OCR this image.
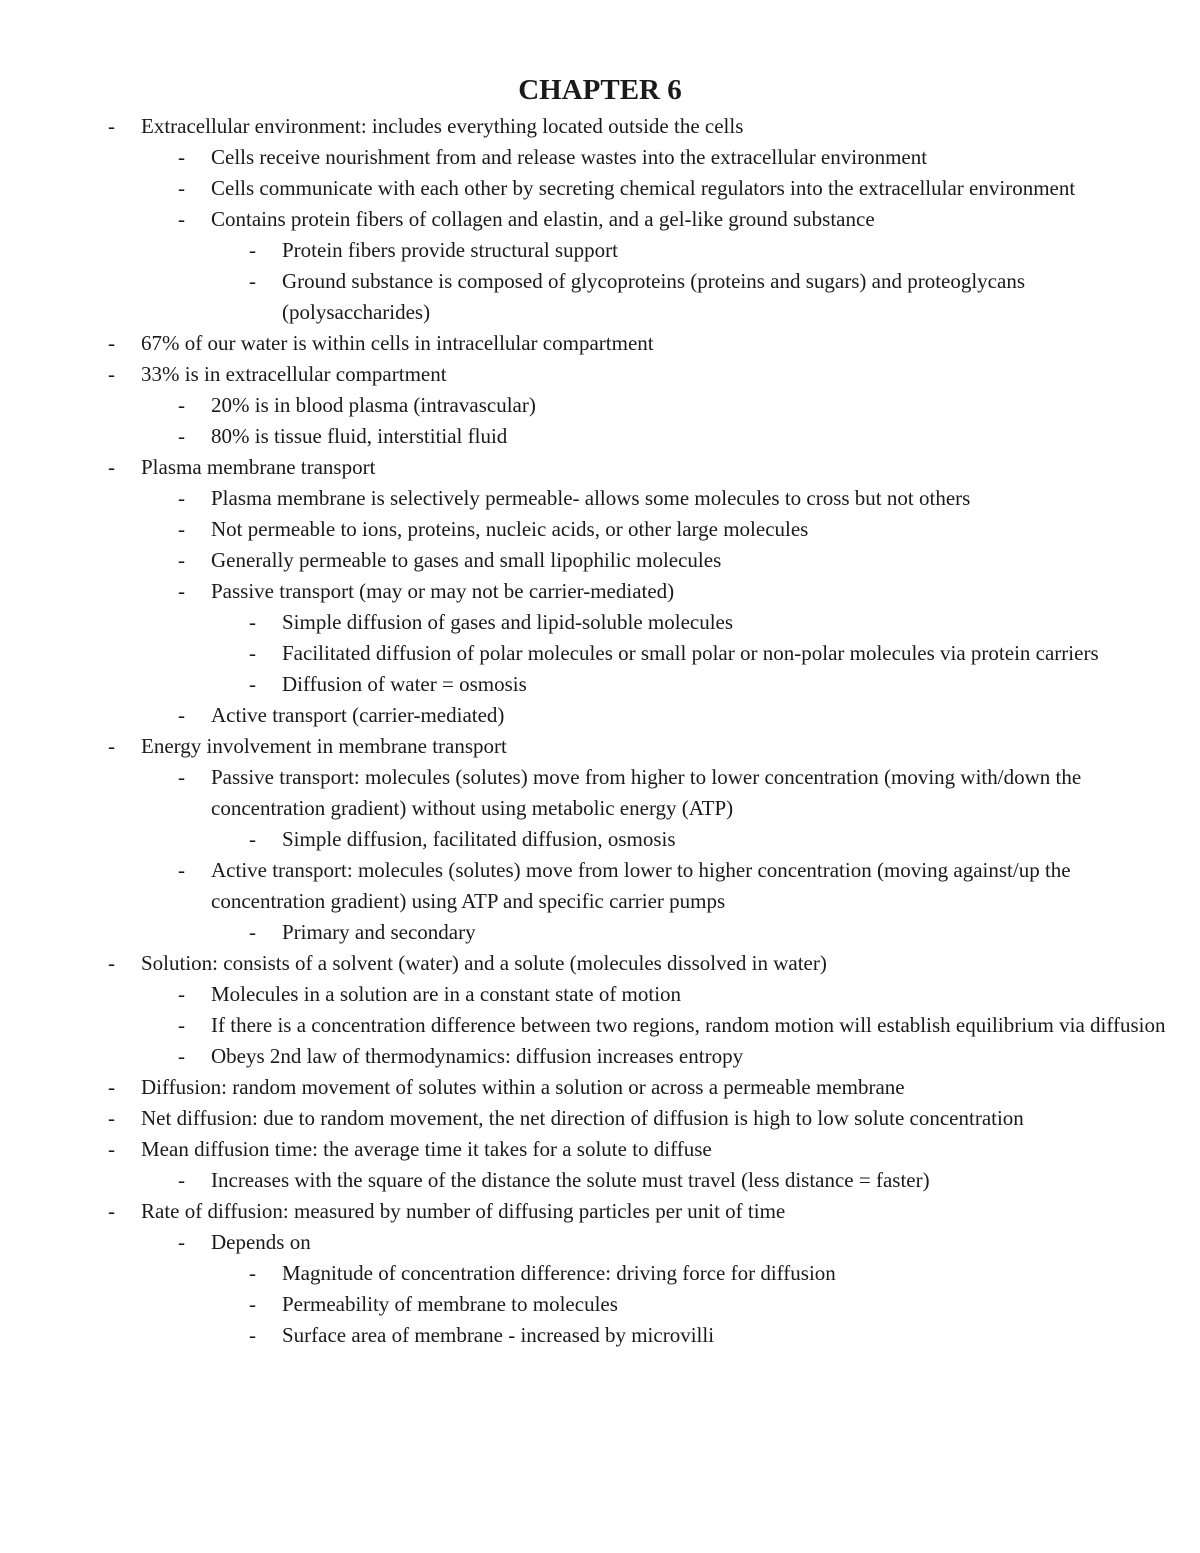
CHAPTER 6
- Extracellular environment: includes everything located outside the cells
- Cells receive nourishment from and release wastes into the extracellular environment
- Cells communicate with each other by secreting chemical regulators into the extracellular environment
- Contains protein fibers of collagen and elastin, and a gel-like ground substance
- Protein fibers provide structural support
- Ground substance is composed of glycoproteins (proteins and sugars) and proteoglycans (polysaccharides)
- 67% of our water is within cells in intracellular compartment
- 33% is in extracellular compartment
- 20% is in blood plasma (intravascular)
- 80% is tissue fluid, interstitial fluid
- Plasma membrane transport
- Plasma membrane is selectively permeable- allows some molecules to cross but not others
- Not permeable to ions, proteins, nucleic acids, or other large molecules
- Generally permeable to gases and small lipophilic molecules
- Passive transport (may or may not be carrier-mediated)
- Simple diffusion of gases and lipid-soluble molecules
- Facilitated diffusion of polar molecules or small polar or non-polar molecules via protein carriers
- Diffusion of water = osmosis
- Active transport (carrier-mediated)
- Energy involvement in membrane transport
- Passive transport: molecules (solutes) move from higher to lower concentration (moving with/down the concentration gradient) without using metabolic energy (ATP)
- Simple diffusion, facilitated diffusion, osmosis
- Active transport: molecules (solutes) move from lower to higher concentration (moving against/up the concentration gradient) using ATP and specific carrier pumps
- Primary and secondary
- Solution: consists of a solvent (water) and a solute (molecules dissolved in water)
- Molecules in a solution are in a constant state of motion
- If there is a concentration difference between two regions, random motion will establish equilibrium via diffusion
- Obeys 2nd law of thermodynamics: diffusion increases entropy
- Diffusion: random movement of solutes within a solution or across a permeable membrane
- Net diffusion: due to random movement, the net direction of diffusion is high to low solute concentration
- Mean diffusion time: the average time it takes for a solute to diffuse
- Increases with the square of the distance the solute must travel (less distance = faster)
- Rate of diffusion: measured by number of diffusing particles per unit of time
- Depends on
- Magnitude of concentration difference: driving force for diffusion
- Permeability of membrane to molecules
- Surface area of membrane - increased by microvilli
